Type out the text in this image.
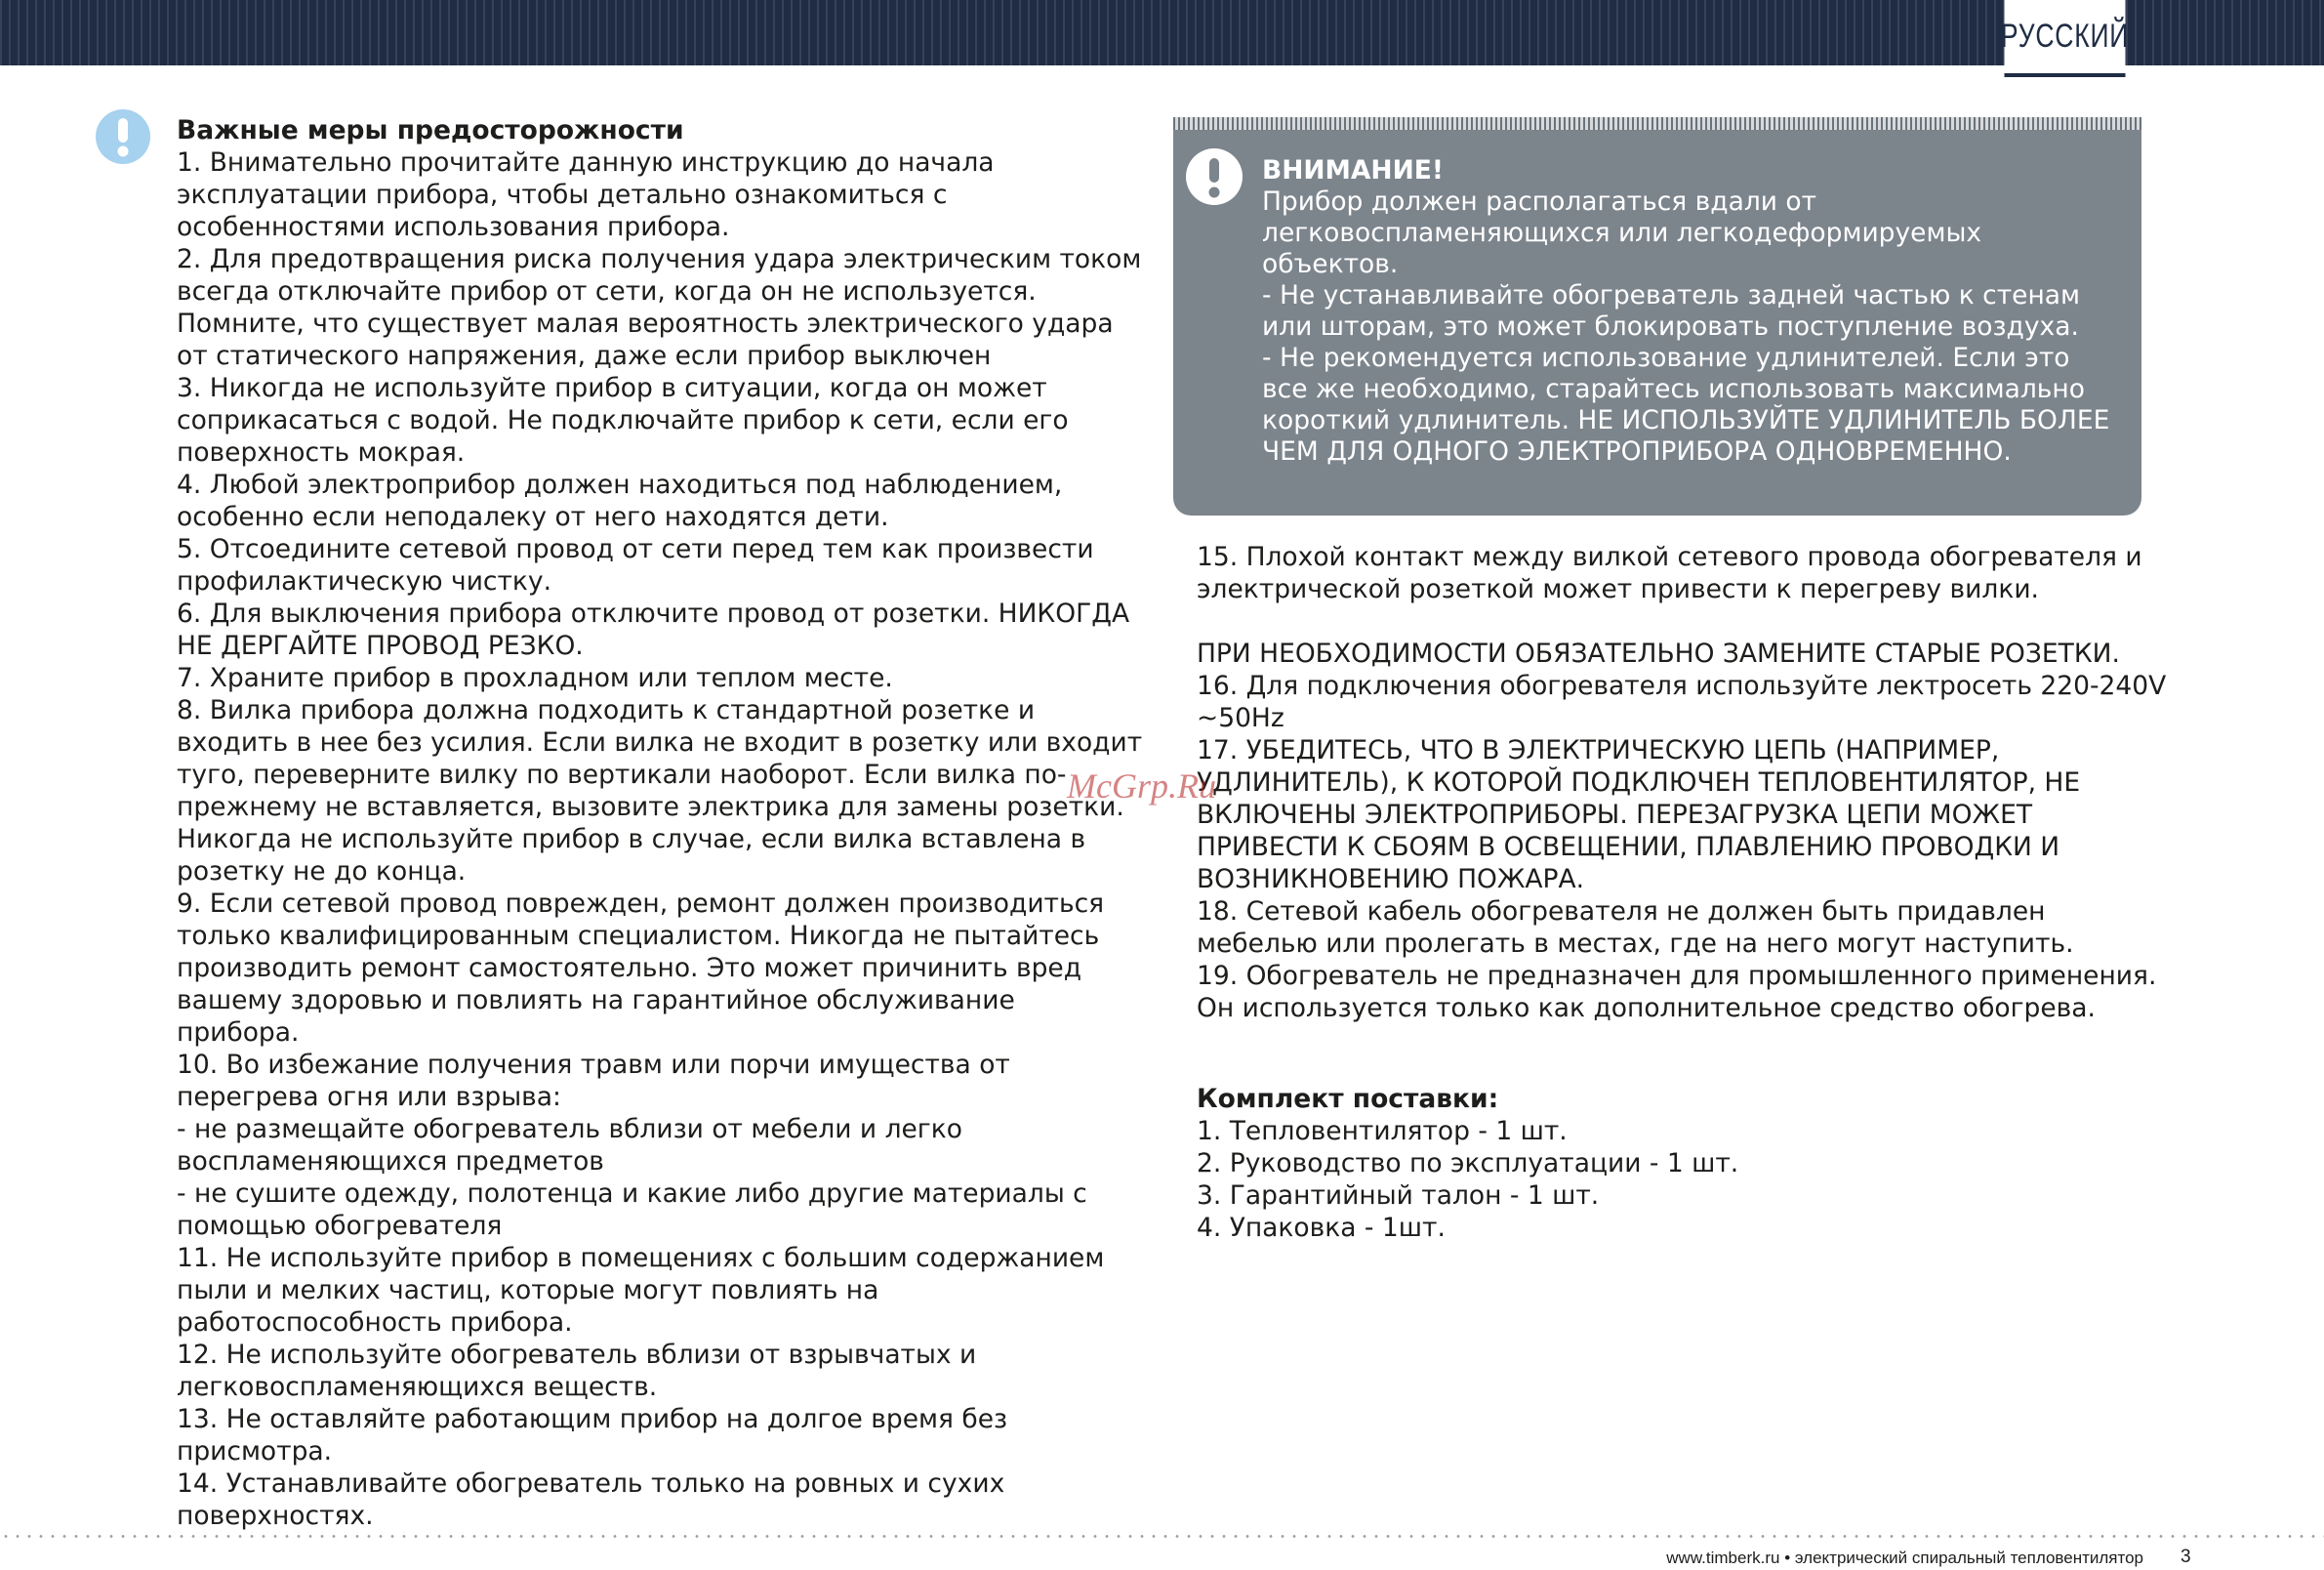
РУССКИЙ

Важные меры предосторожности

1. Внимательно прочитайте данную инструкцию до начала эксплуатации прибора, чтобы детально ознакомиться с особенностями использования прибора.

2. Для предотвращения риска получения удара электрическим током всегда отключайте прибор от сети, когда он не используется. Помните, что существует малая вероятность электрического удара от статического напряжения, даже если прибор выключен

3. Никогда не используйте прибор в ситуации, когда он может соприкасаться с водой. Не подключайте прибор к сети, если его поверхность мокрая.

4. Любой электроприбор должен находиться под наблюдением, особенно если неподалеку от него находятся дети.

5. Отсоедините сетевой провод от сети перед тем как произвести профилактическую чистку.

6. Для выключения прибора отключите провод от розетки. НИКОГДА НЕ ДЕРГАЙТЕ ПРОВОД РЕЗКО.

7. Храните прибор в прохладном или теплом месте.

8. Вилка прибора должна подходить к стандартной розетке и входить в нее без усилия. Если вилка не входит в розетку или входит туго, переверните вилку по вертикали наоборот. Если вилка по-прежнему не вставляется, вызовите электрика для замены розетки. Никогда не используйте прибор в случае, если вилка вставлена в розетку не до конца.

9. Если сетевой провод поврежден, ремонт должен производиться только квалифицированным специалистом. Никогда не пытайтесь производить ремонт самостоятельно. Это может причинить вред вашему здоровью и повлиять на гарантийное обслуживание прибора.

10. Во избежание получения травм или порчи имущества от перегрева огня или взрыва:

- не размещайте обогреватель вблизи от мебели и легко воспламеняющихся предметов

- не сушите одежду, полотенца и какие либо другие материалы с помощью обогревателя

11. Не используйте прибор в помещениях с большим содержанием пыли и мелких частиц, которые могут повлиять на работоспособность прибора.

12. Не используйте обогреватель вблизи от взрывчатых и легковоспламеняющихся веществ.

13. Не оставляйте работающим прибор на долгое время без присмотра.

14. Устанавливайте обогреватель только на ровных и сухих поверхностях.

ВНИМАНИЕ!

Прибор должен располагаться вдали от легковоспламеняющихся или легкодеформируемых объектов.

- Не устанавливайте обогреватель задней частью к стенам или шторам, это может блокировать поступление воздуха.

- Не рекомендуется использование удлинителей. Если это все же необходимо, старайтесь использовать максимально короткий удлинитель. НЕ ИСПОЛЬЗУЙТЕ УДЛИНИТЕЛЬ БОЛЕЕ ЧЕМ ДЛЯ ОДНОГО ЭЛЕКТРОПРИБОРА ОДНОВРЕМЕННО.

15. Плохой контакт между вилкой сетевого провода обогревателя и электрической розеткой может привести к перегреву вилки.

ПРИ НЕОБХОДИМОСТИ ОБЯЗАТЕЛЬНО ЗАМЕНИТЕ СТАРЫЕ РОЗЕТКИ.

16. Для подключения обогревателя используйте лектросеть 220-240V ~50Hz

17. УБЕДИТЕСЬ, ЧТО В ЭЛЕКТРИЧЕСКУЮ ЦЕПЬ (НАПРИМЕР, УДЛИНИТЕЛЬ), К КОТОРОЙ ПОДКЛЮЧЕН ТЕПЛОВЕНТИЛЯТОР, НЕ ВКЛЮЧЕНЫ ЭЛЕКТРОПРИБОРЫ. ПЕРЕЗАГРУЗКА ЦЕПИ МОЖЕТ ПРИВЕСТИ К СБОЯМ В ОСВЕЩЕНИИ, ПЛАВЛЕНИЮ ПРОВОДКИ И ВОЗНИКНОВЕНИЮ ПОЖАРА.

18. Сетевой кабель обогревателя не должен быть придавлен мебелью или пролегать в местах, где на него могут наступить.

19. Обогреватель не предназначен для промышленного применения. Он используется только как дополнительное средство обогрева.

Комплект поставки:

1. Тепловентилятор - 1 шт.

2. Руководство по эксплуатации - 1 шт.

3. Гарантийный талон - 1 шт.

4. Упаковка - 1шт.

McGrp.Ru
www.timberk.ru • электрический спиральный тепловентилятор 3
